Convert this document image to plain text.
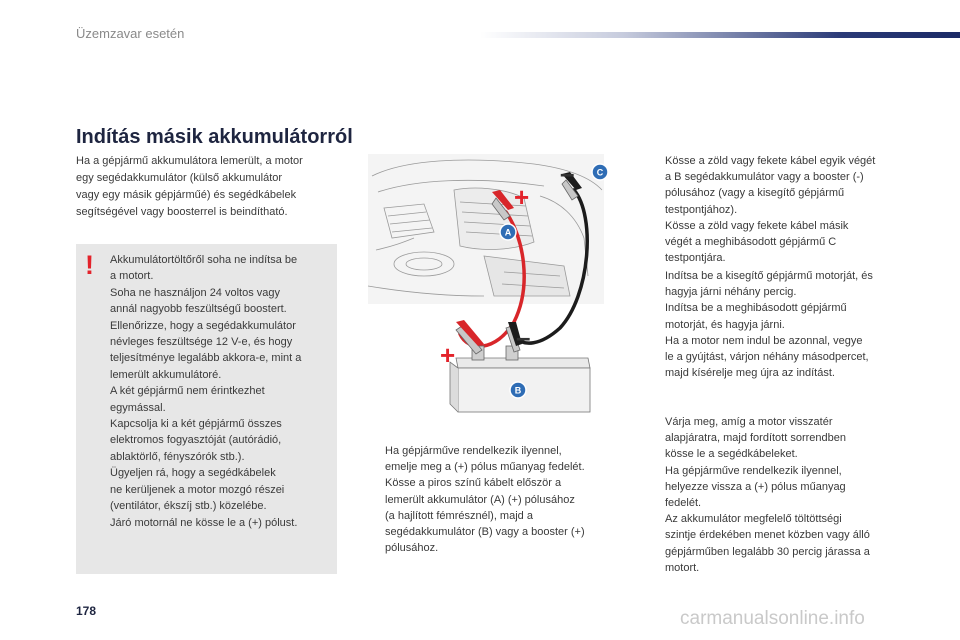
Üzemzavar esetén
Indítás másik akkumulátorról
Ha a gépjármű akkumulátora lemerült, a motor
egy segédakkumulátor (külső akkumulátor
vagy egy másik gépjárműé) és segédkábelek
segítségével vagy boosterrel is beindítható.
! Akkumulátortöltőről soha ne indítsa be
a motort.
Soha ne használjon 24 voltos vagy
annál nagyobb feszültségű boostert.
Ellenőrizze, hogy a segédakkumulátor
névleges feszültsége 12 V-e, és hogy
teljesítménye legalább akkora-e, mint a
lemerült akkumulátoré.
A két gépjármű nem érintkezhet
egymással.
Kapcsolja ki a két gépjármű összes
elektromos fogyasztóját (autórádió,
ablaktörlő, fényszórók stb.).
Ügyeljen rá, hogy a segédkábelek
ne kerüljenek a motor mozgó részei
(ventilátor, ékszíj stb.) közelébe.
Járó motornál ne kösse le a (+) pólust.
+
– C
A
+
–
B
Ha gépjárműve rendelkezik ilyennel,
emelje meg a (+) pólus műanyag fedelét.
Kösse a piros színű kábelt először a
lemerült akkumulátor (A) (+) pólusához
(a hajlított fémrésznél), majd a
segédakkumulátor (B) vagy a booster (+)
pólusához.
Kösse a zöld vagy fekete kábel egyik végét
a B segédakkumulátor vagy a booster (-)
pólusához (vagy a kisegítő gépjármű
testpontjához).
Kösse a zöld vagy fekete kábel másik
végét a meghibásodott gépjármű C
testpontjára.
Indítsa be a kisegítő gépjármű motorját, és
hagyja járni néhány percig.
Indítsa be a meghibásodott gépjármű
motorját, és hagyja járni.
Ha a motor nem indul be azonnal, vegye
le a gyújtást, várjon néhány másodpercet,
majd kísérelje meg újra az indítást.
Várja meg, amíg a motor visszatér
alapjáratra, majd fordított sorrendben
kösse le a segédkábeleket.
Ha gépjárműve rendelkezik ilyennel,
helyezze vissza a (+) pólus műanyag
fedelét.
Az akkumulátor megfelelő töltöttségi
szintje érdekében menet közben vagy álló
gépjárműben legalább 30 percig járassa a
motort.
178	carmanualsonline.info
